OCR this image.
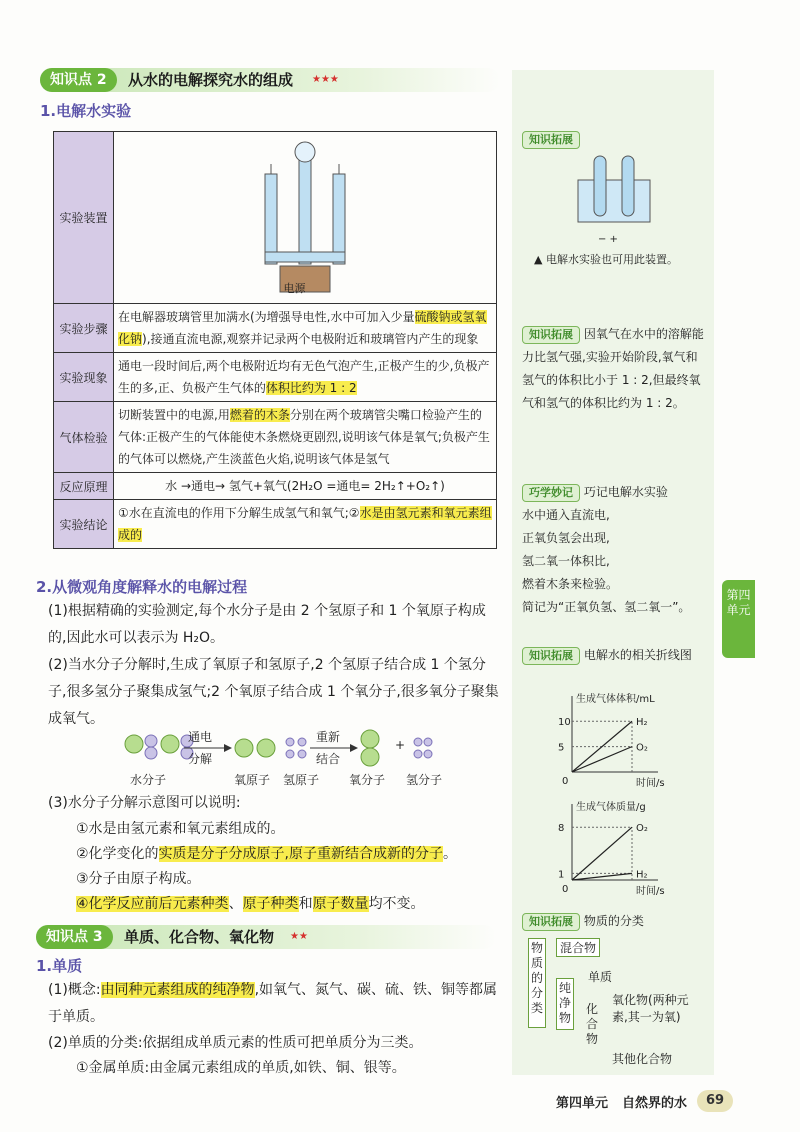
知识点 2	从水的电解探究水的组成 ★★★
1.电解水实验
实验装置	电源

实验步骤	在电解器玻璃管里加满水(为增强导电性,水中可加入少量硫酸钠或氢氧化钠),接通直流电源,观察并记录两个电极附近和玻璃管内产生的现象
实验现象	通电一段时间后,两个电极附近均有无色气泡产生,正极产生的少,负极产生的多,正、负极产生气体的体积比约为 1 : 2
气体检验	切断装置中的电源,用燃着的木条分别在两个玻璃管尖嘴口检验产生的气体:正极产生的气体能使木条燃烧更剧烈,说明该气体是氧气;负极产生的气体可以燃烧,产生淡蓝色火焰,说明该气体是氢气
反应原理	水 →通电→ 氢气+氧气(2H₂O =通电= 2H₂↑+O₂↑)
实验结论	①水在直流电的作用下分解生成氢气和氧气;②水是由氢元素和氧元素组成的
2.从微观角度解释水的电解过程
(1)根据精确的实验测定,每个水分子是由 2 个氢原子和 1 个氧原子构成的,因此水可以表示为 H₂O。
(2)当水分子分解时,生成了氧原子和氢原子,2 个氢原子结合成 1 个氢分子,很多氢分子聚集成氢气;2 个氧原子结合成 1 个氧分子,很多氧分子聚集成氧气。
通电
分解
重新
结合
+
水分子	氧原子 氢原子 氧分子 氢分子
(3)水分子分解示意图可以说明:
①水是由氢元素和氧元素组成的。
②化学变化的实质是分子分成原子,原子重新结合成新的分子。
③分子由原子构成。
④化学反应前后元素种类、原子种类和原子数量均不变。
知识点 3	单质、化合物、氧化物 ★★
1.单质
(1)概念:由同种元素组成的纯净物,如氧气、氮气、碳、硫、铁、铜等都属于单质。
(2)单质的分类:依据组成单质元素的性质可把单质分为三类。
①金属单质:由金属元素组成的单质,如铁、铜、银等。
知识拓展
− +
▲ 电解水实验也可用此装置。
知识拓展 因氧气在水中的溶解能力比氢气强,实验开始阶段,氧气和氢气的体积比小于 1 : 2,但最终氧气和氢气的体积比约为 1 : 2。
巧学妙记 巧记电解水实验
水中通入直流电,
正氧负氢会出现,
氢二氧一体积比,
燃着木条来检验。
简记为“正氧负氢、氢二氧一”。
知识拓展 电解水的相关折线图
生成气体体积/mL
时间/s
0
5
10	H₂
O₂
生成气体质量/g
时间/s
0
1
8	O₂
H₂
知识拓展 物质的分类
物质的分类
混合物
纯净物
单质
化合物
氧化物(两种元素,其一为氧)
其他化合物
第四单元
第四单元 自然界的水	69
